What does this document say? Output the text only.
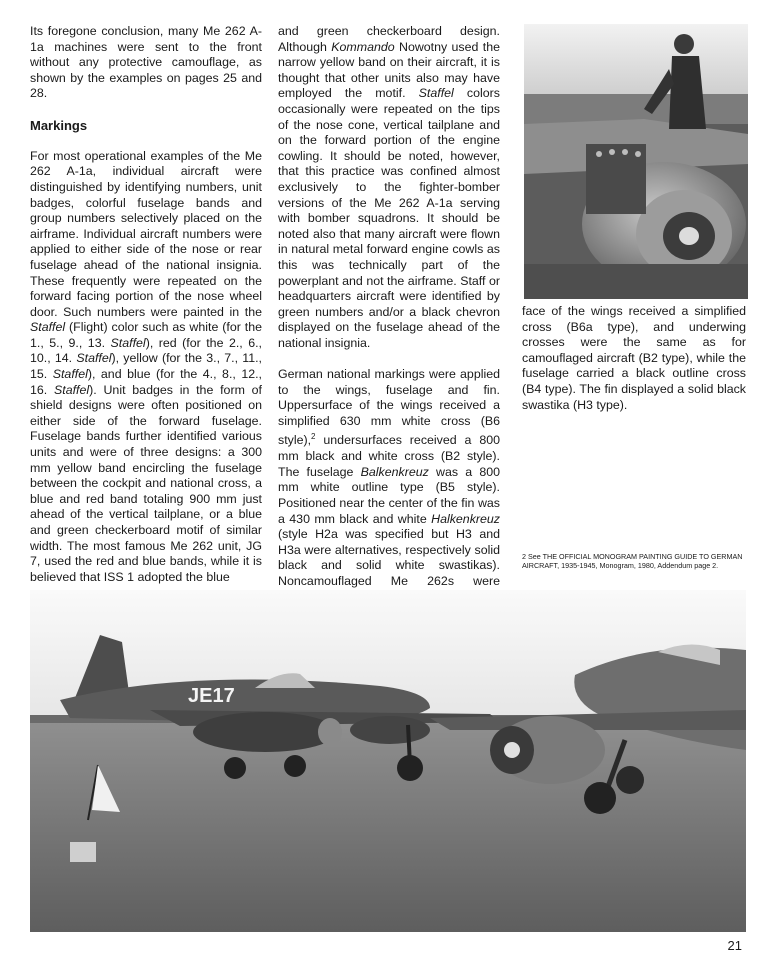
Its foregone conclusion, many Me 262 A-1a machines were sent to the front without any protective camouflage, as shown by the examples on pages 25 and 28.

Markings

For most operational examples of the Me 262 A-1a, individual aircraft were distinguished by identifying numbers, unit badges, colorful fuselage bands and group numbers selectively placed on the airframe. Individual aircraft numbers were applied to either side of the nose or rear fuselage ahead of the national insignia. These frequently were repeated on the forward facing portion of the nose wheel door. Such numbers were painted in the Staffel (Flight) color such as white (for the 1., 5., 9., 13. Staffel), red (for the 2., 6., 10., 14. Staffel), yellow (for the 3., 7., 11., 15. Staffel), and blue (for the 4., 8., 12., 16. Staffel). Unit badges in the form of shield designs were often positioned on either side of the forward fuselage. Fuselage bands further identified various units and were of three designs: a 300 mm yellow band encircling the fuselage between the cockpit and national cross, a blue and red band totaling 900 mm just ahead of the vertical tailplane, or a blue and green checkerboard motif of similar width. The most famous Me 262 unit, JG 7, used the red and blue bands, while it is believed that ISS 1 adopted the blue

and green checkerboard design. Although Kommando Nowotny used the narrow yellow band on their aircraft, it is thought that other units also may have employed the motif. Staffel colors occasionally were repeated on the tips of the nose cone, vertical tailplane and on the forward portion of the engine cowling. It should be noted, however, that this practice was confined almost exclusively to the fighter-bomber versions of the Me 262 A-1a serving with bomber squadrons. It should be noted also that many aircraft were flown in natural metal forward engine cowls as this was technically part of the powerplant and not the airframe. Staff or headquarters aircraft were identified by green numbers and/or a black chevron displayed on the fuselage ahead of the national insignia.

German national markings were applied to the wings, fuselage and fin. Uppersurface of the wings received a simplified 630 mm white cross (B6 style),$^2$ undersurfaces received a 800 mm black and white cross (B2 style). The fuselage Balkenkreuz was a 800 mm white outline type (B5 style). Positioned near the center of the fin was a 430 mm black and white Halkenkreuz (style H2a was specified but H3 and H3a were alternatives, respectively solid black and solid white swastikas). Noncamouflaged Me 262s were

face of the wings received a simplified cross (B6a type), and underwing crosses were the same as for camouflaged aircraft (B2 type), while the fuselage carried a black outline cross (B4 type). The fin displayed a solid black swastika (H3 type).

2 See THE OFFICIAL MONOGRAM PAINTING GUIDE TO GERMAN AIRCRAFT, 1935-1945, Monogram, 1980, Addendum page 2.
JE17
21
